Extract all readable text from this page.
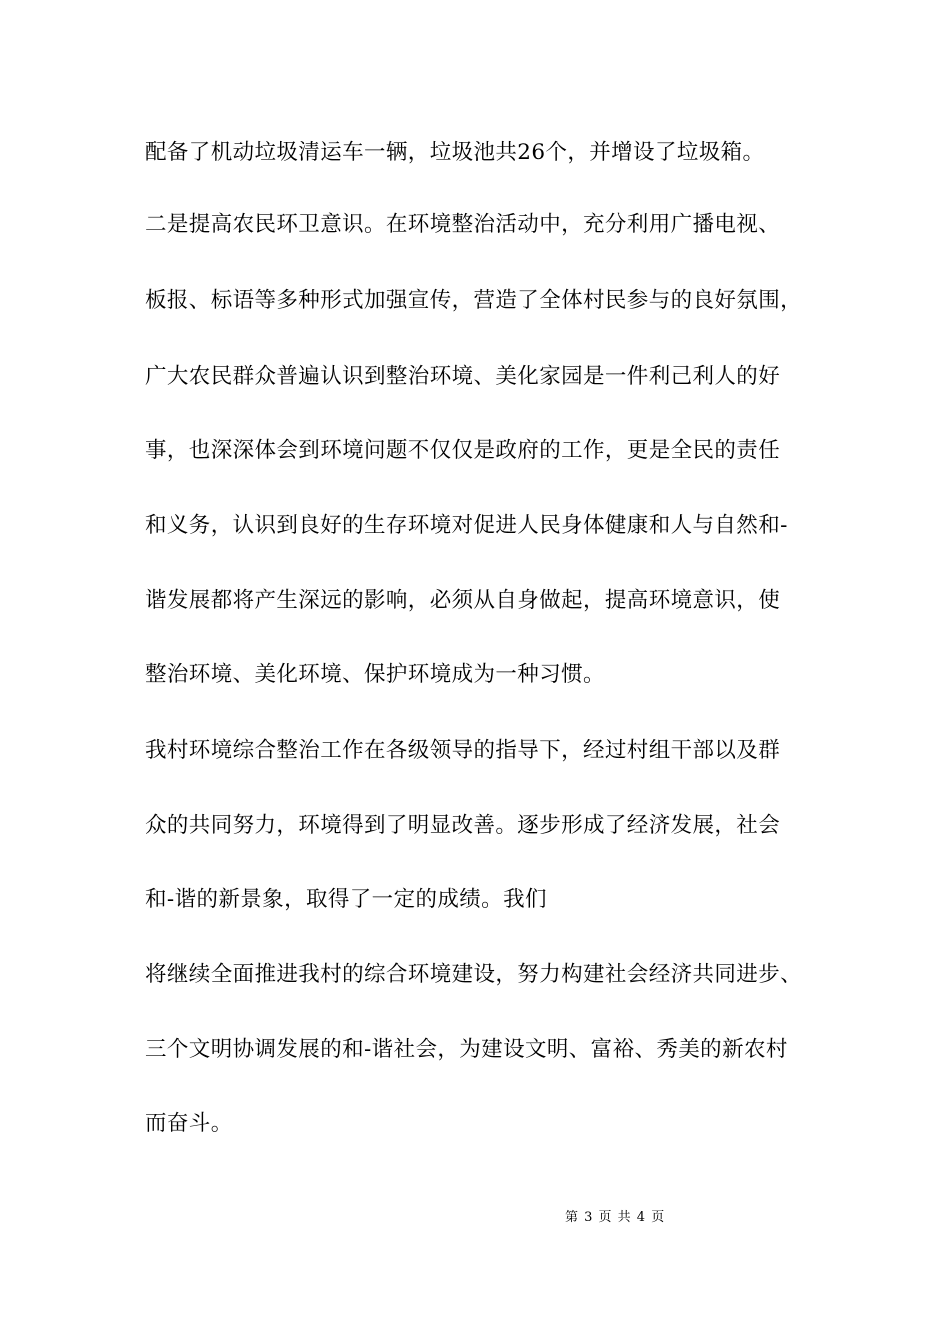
配备了机动垃圾清运车一辆，垃圾池共26个，并增设了垃圾箱。
二是提高农民环卫意识。在环境整治活动中，充分利用广播电视、
板报、标语等多种形式加强宣传，营造了全体村民参与的良好氛围，
广大农民群众普遍认识到整治环境、美化家园是一件利己利人的好
事，也深深体会到环境问题不仅仅是政府的工作，更是全民的责任
和义务，认识到良好的生存环境对促进人民身体健康和人与自然和-
谐发展都将产生深远的影响，必须从自身做起，提高环境意识，使
整治环境、美化环境、保护环境成为一种习惯。
我村环境综合整治工作在各级领导的指导下，经过村组干部以及群
众的共同努力，环境得到了明显改善。逐步形成了经济发展，社会
和-谐的新景象，取得了一定的成绩。我们
将继续全面推进我村的综合环境建设，努力构建社会经济共同进步、
三个文明协调发展的和-谐社会，为建设文明、富裕、秀美的新农村
而奋斗。
第 3 页 共 4 页
